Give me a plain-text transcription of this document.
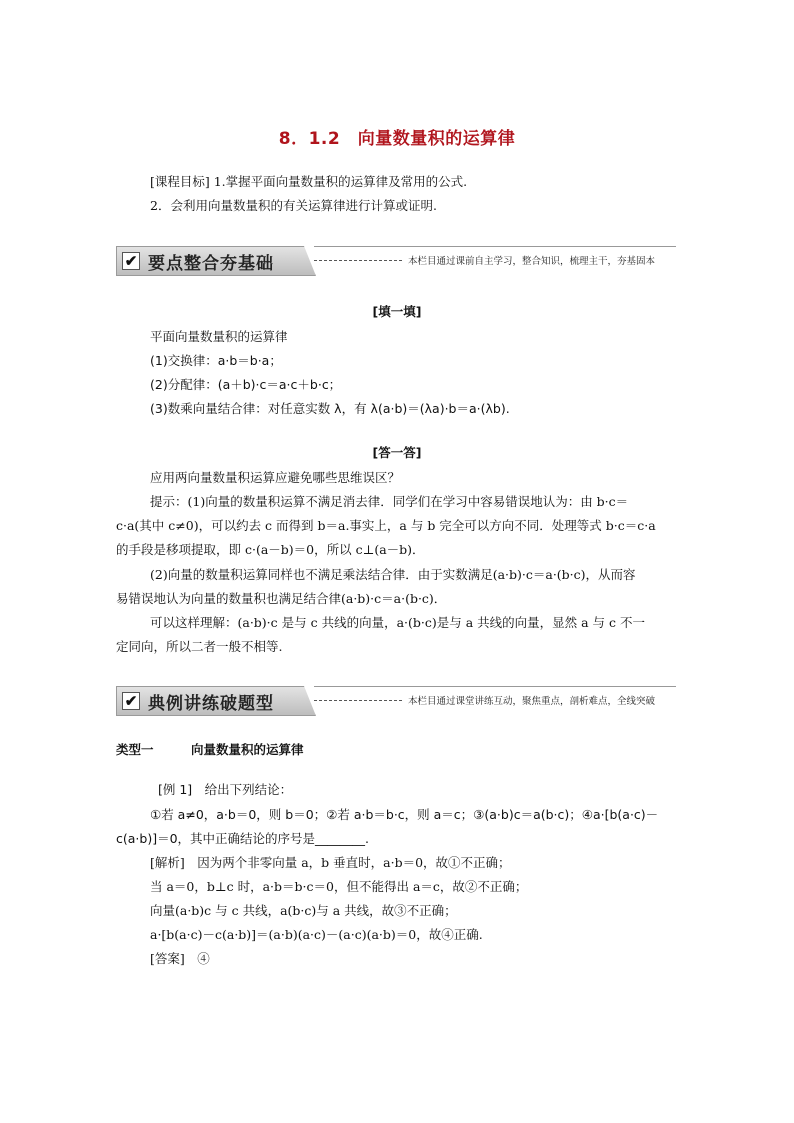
8．1.2　向量数量积的运算律
[课程目标] 1.掌握平面向量数量积的运算律及常用的公式.
2．会利用向量数量积的有关运算律进行计算或证明.
✔ 要点整合夯基础	本栏目通过课前自主学习，整合知识，梳理主干，夯基固本
[填一填]
平面向量数量积的运算律
(1)交换律：a·b＝b·a；
(2)分配律：(a＋b)·c＝a·c＋b·c；
(3)数乘向量结合律：对任意实数 λ，有 λ(a·b)＝(λa)·b＝a·(λb).
[答一答]
应用两向量数量积运算应避免哪些思维误区？
提示：(1)向量的数量积运算不满足消去律．同学们在学习中容易错误地认为：由 b·c＝
c·a(其中 c≠0)，可以约去 c 而得到 b＝a.事实上，a 与 b 完全可以方向不同．处理等式 b·c＝c·a
的手段是移项提取，即 c·(a－b)＝0，所以 c⊥(a－b)．
(2)向量的数量积运算同样也不满足乘法结合律．由于实数满足(a·b)·c＝a·(b·c)，从而容
易错误地认为向量的数量积也满足结合律(a·b)·c＝a·(b·c)．
可以这样理解：(a·b)·c 是与 c 共线的向量，a·(b·c)是与 a 共线的向量，显然 a 与 c 不一
定同向，所以二者一般不相等.
✔ 典例讲练破题型	本栏目通过课堂讲练互动，聚焦重点，剖析难点，全线突破
类型一　　　向量数量积的运算律
[例 1]　给出下列结论：
①若 a≠0，a·b＝0，则 b＝0；②若 a·b＝b·c，则 a＝c；③(a·b)c＝a(b·c)；④a·[b(a·c)－
c(a·b)]＝0，其中正确结论的序号是________.
[解析]　因为两个非零向量 a，b 垂直时，a·b＝0，故①不正确；
当 a＝0，b⊥c 时，a·b＝b·c＝0，但不能得出 a＝c，故②不正确；
向量(a·b)c 与 c 共线，a(b·c)与 a 共线，故③不正确；
a·[b(a·c)－c(a·b)]＝(a·b)(a·c)－(a·c)(a·b)＝0，故④正确.
[答案]　④
